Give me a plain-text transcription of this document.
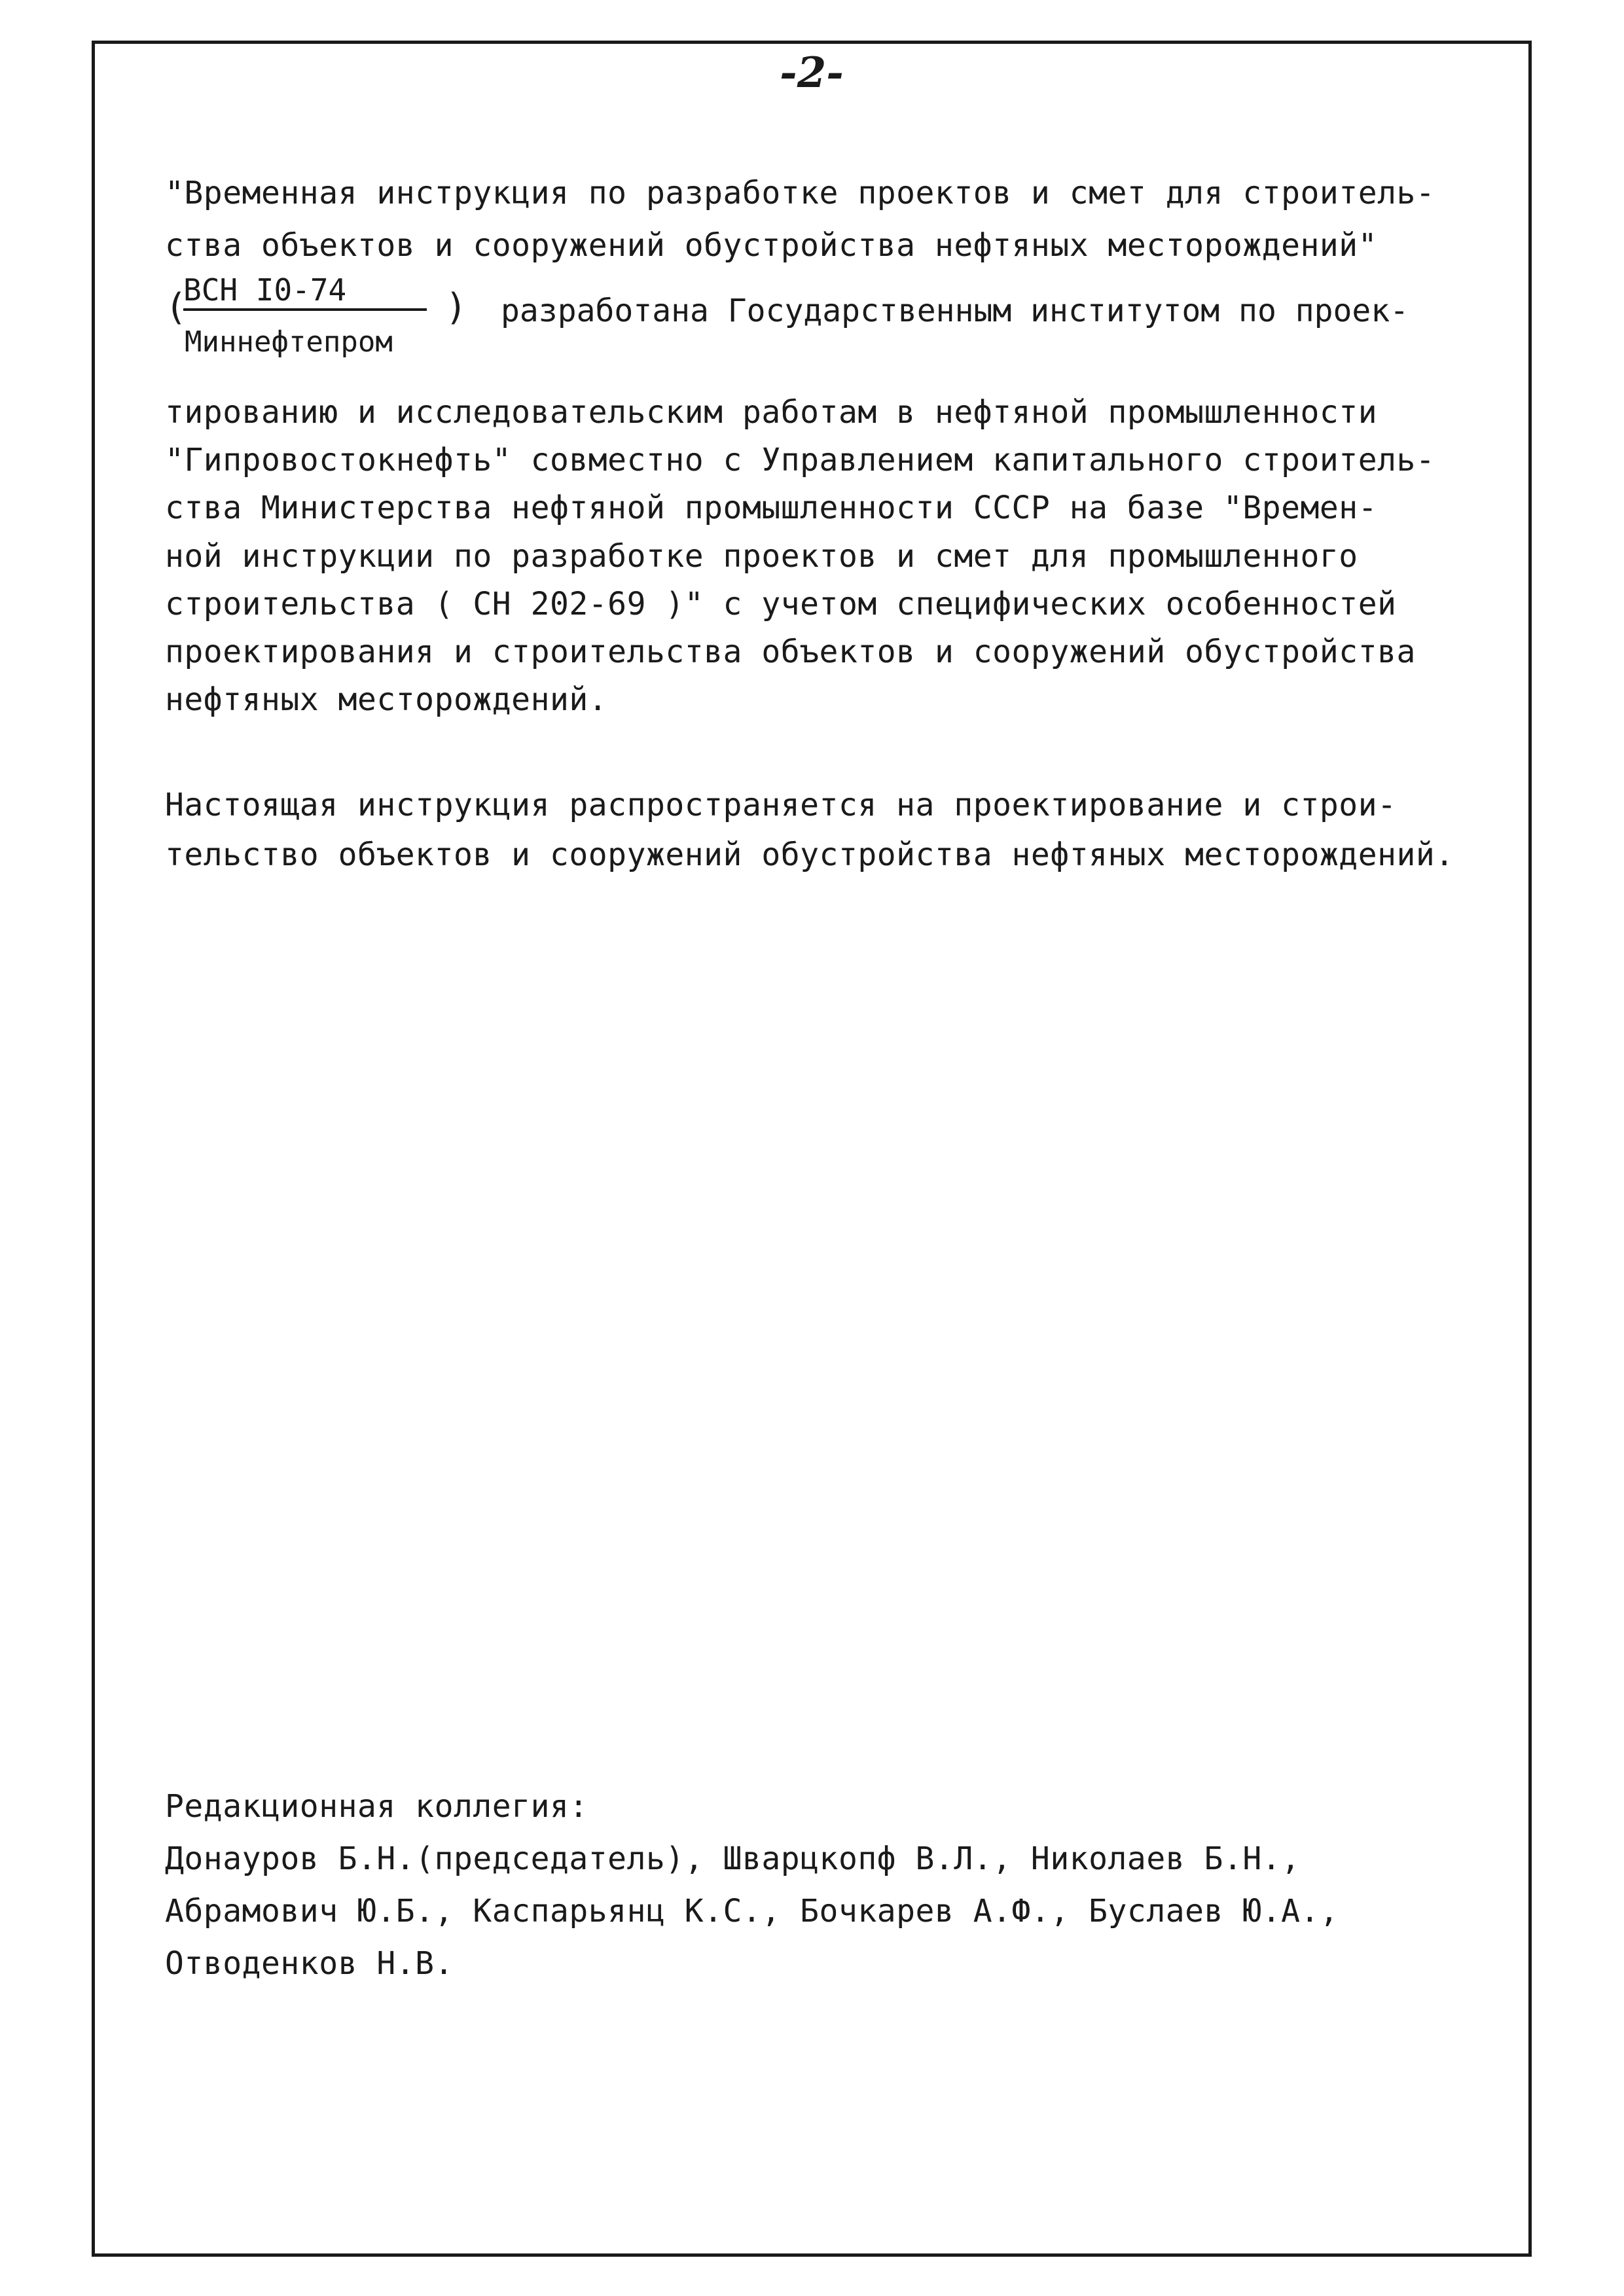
-2-
"Временная инструкция по разработке проектов и смет для строитель-
ства объектов и сооружений обустройства нефтяных месторождений"
(
ВСН I0-74
Миннефтепром
) разработана Государственным институтом по проек-
тированию и исследовательским работам в нефтяной промышленности
"Гипровостокнефть" совместно с Управлением капитального строитель-
ства Министерства нефтяной промышленности СССР на базе "Времен-
ной инструкции по разработке проектов и смет для промышленного
строительства ( СН 202-69 )" с учетом специфических особенностей
проектирования и строительства объектов и сооружений обустройства
нефтяных месторождений.
Настоящая инструкция распространяется на проектирование и строи-
тельство объектов и сооружений обустройства нефтяных месторождений.
Редакционная коллегия:
Донауров Б.Н.(председатель), Шварцкопф В.Л., Николаев Б.Н.,
Абрамович Ю.Б., Каспарьянц К.С., Бочкарев А.Ф., Буслаев Ю.А.,
Отводенков Н.В.
